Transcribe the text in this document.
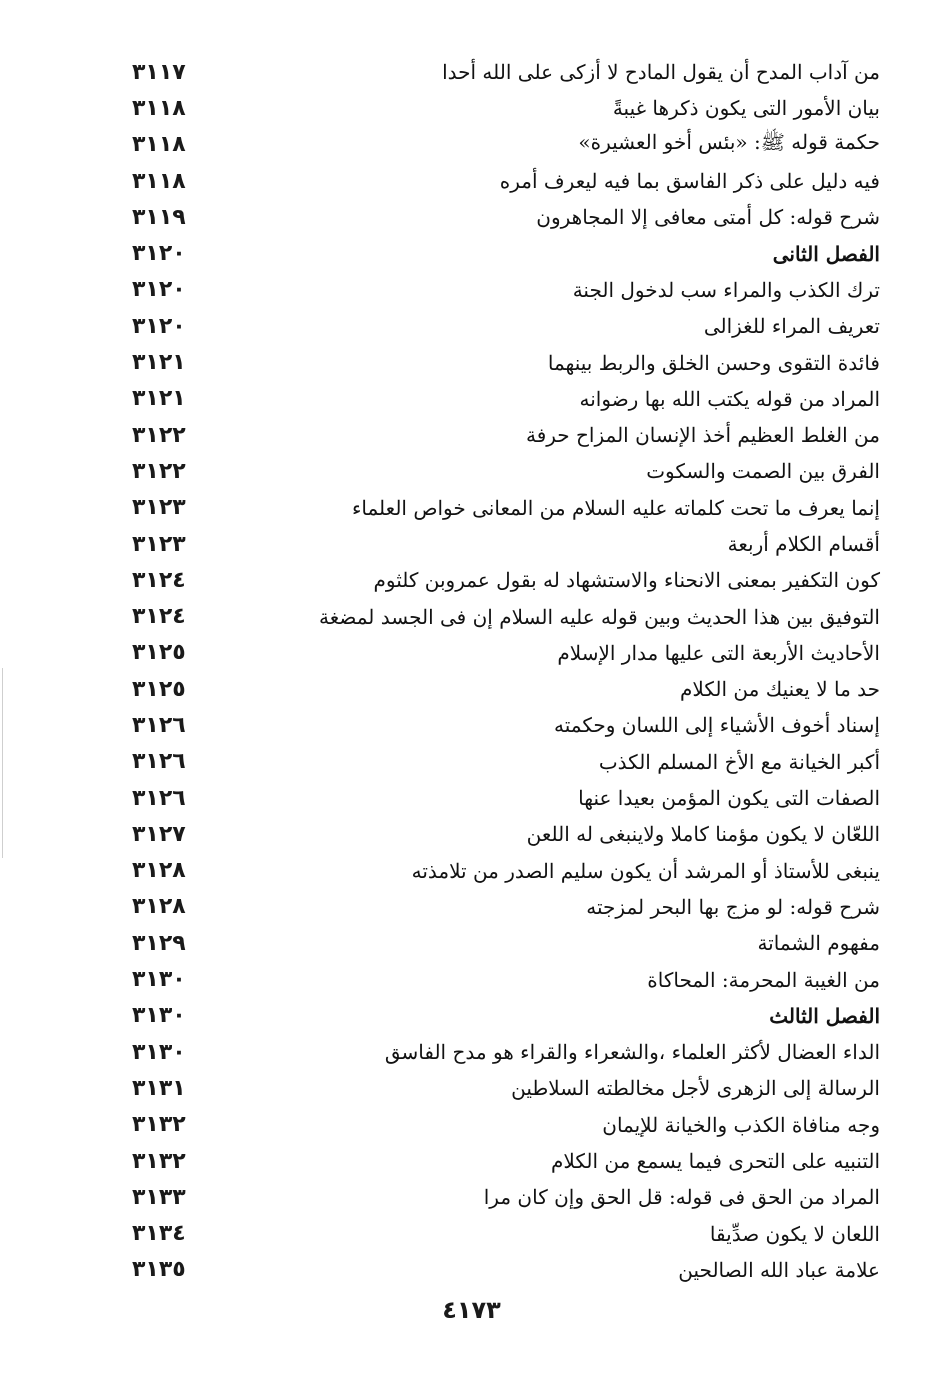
٣١١٧	من آداب المدح أن يقول المادح لا أزكى على الله أحدا
٣١١٨	بيان الأمور التى يكون ذكرها غيبةً
٣١١٨	حكمة قوله ﷺ: «بئس أخو العشيرة»
٣١١٨	فيه دليل على ذكر الفاسق بما فيه ليعرف أمره
٣١١٩	شرح قوله: كل أمتى معافى إلا المجاهرون
٣١٢٠	الفصل الثانى
٣١٢٠	ترك الكذب والمراء سب لدخول الجنة
٣١٢٠	تعريف المراء للغزالى
٣١٢١	فائدة التقوى وحسن الخلق والربط بينهما
٣١٢١	المراد من قوله يكتب الله بها رضوانه
٣١٢٢	من الغلط العظيم أخذ الإنسان المزاح حرفة
٣١٢٢	الفرق بين الصمت والسكوت
٣١٢٣	إنما يعرف ما تحت كلماته عليه السلام من المعانى خواص العلماء
٣١٢٣	أقسام الكلام أربعة
٣١٢٤	كون التكفير بمعنى الانحناء والاستشهاد له بقول عمروبن كلثوم
٣١٢٤	التوفيق بين هذا الحديث وبين قوله عليه السلام إن فى الجسد لمضغة
٣١٢٥	الأحاديث الأربعة التى عليها مدار الإسلام
٣١٢٥	حد ما لا يعنيك من الكلام
٣١٢٦	إسناد أخوف الأشياء إلى اللسان وحكمته
٣١٢٦	أكبر الخيانة مع الأخ المسلم الكذب
٣١٢٦	الصفات التى يكون المؤمن بعيدا عنها
٣١٢٧	اللعّان لا يكون مؤمنا كاملا ولاينبغى له اللعن
٣١٢٨	ينبغى للأستاذ أو المرشد أن يكون سليم الصدر من تلامذته
٣١٢٨	شرح قوله: لو مزج بها البحر لمزجته
٣١٢٩	مفهوم الشماتة
٣١٣٠	من الغيبة المحرمة: المحاكاة
٣١٣٠	الفصل الثالث
٣١٣٠	الداء العضال لأكثر العلماء ،والشعراء والقراء هو مدح الفاسق
٣١٣١	الرسالة إلى الزهرى لأجل مخالطته السلاطين
٣١٣٢	وجه منافاة الكذب والخيانة للإيمان
٣١٣٢	التنبيه على التحرى فيما يسمع من الكلام
٣١٣٣	المراد من الحق فى قوله: قل الحق وإن كان مرا
٣١٣٤	اللعان لا يكون صدِّيقا
٣١٣٥	علامة عباد الله الصالحين
٤١٧٣
